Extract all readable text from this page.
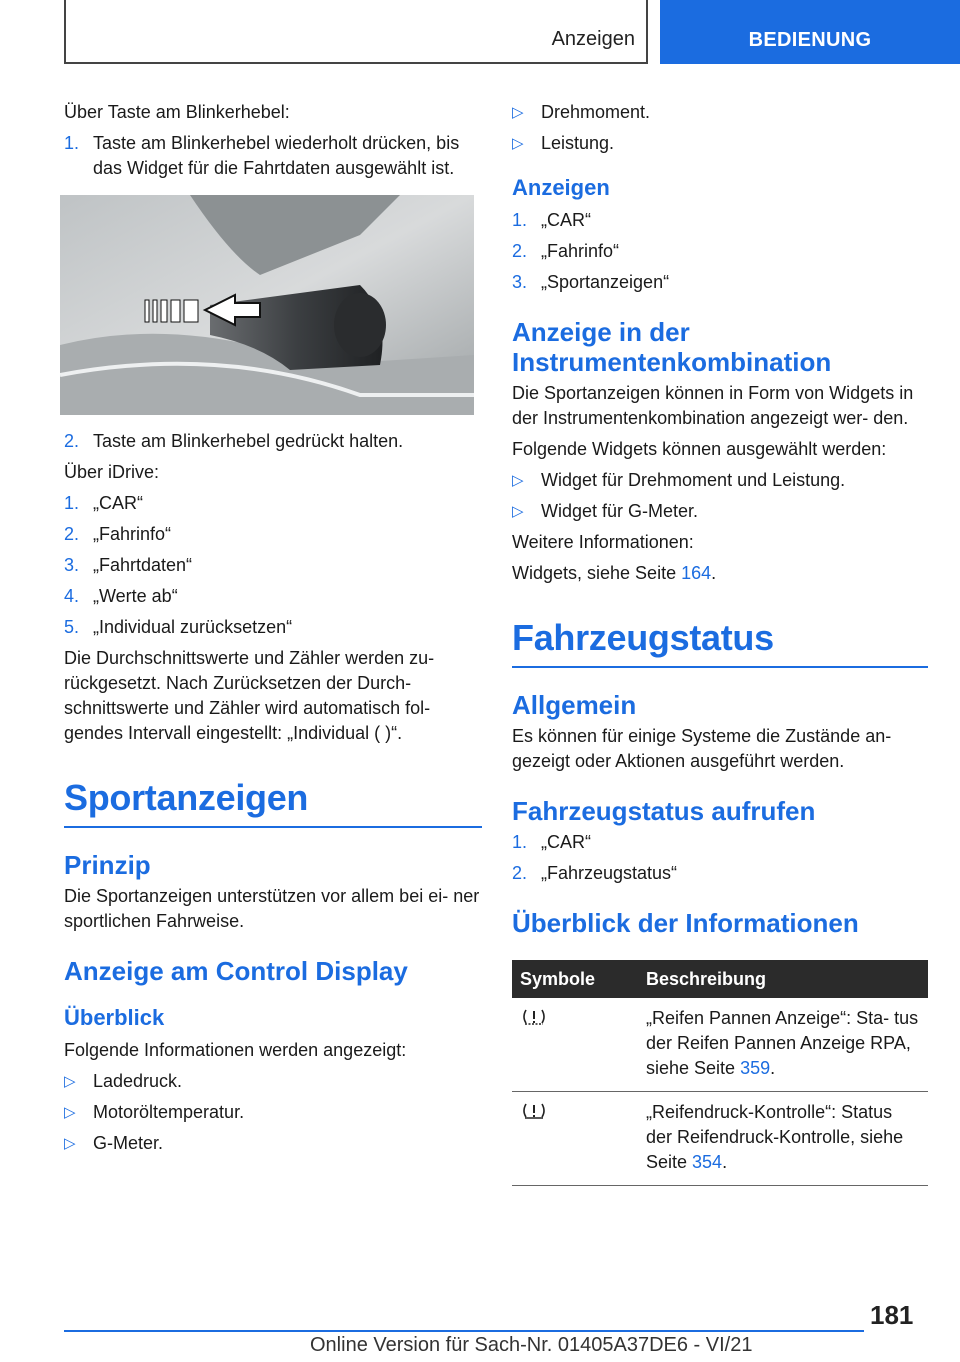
Anzeigen	BEDIENUNG

Über Taste am Blinkerhebel:

1. Taste am Blinkerhebel wiederholt drücken, bis das Widget für die Fahrtdaten ausgewählt ist.
2. Taste am Blinkerhebel gedrückt halten.

Über iDrive:

1. „CAR“
2. „Fahrinfo“
3. „Fahrtdaten“
4. „Werte ab“
5. „Individual zurücksetzen“

Die Durchschnittswerte und Zähler werden zu- rückgesetzt. Nach Zurücksetzen der Durch- schnittswerte und Zähler wird automatisch fol- gendes Intervall eingestellt: „Individual ( )“.

Sportanzeigen
Prinzip

Die Sportanzeigen unterstützen vor allem bei ei- ner sportlichen Fahrweise.

Anzeige am Control Display
Überblick

Folgende Informationen werden angezeigt:

▷ Ladedruck.
▷ Motoröltemperatur.
▷ G-Meter.
▷ Drehmoment.
▷ Leistung.
Anzeigen
1. „CAR“
2. „Fahrinfo“
3. „Sportanzeigen“
Anzeige in der Instrumentenkombination

Die Sportanzeigen können in Form von Widgets in der Instrumentenkombination angezeigt wer- den.

Folgende Widgets können ausgewählt werden:

▷ Widget für Drehmoment und Leistung.
▷ Widget für G-Meter.

Weitere Informationen:

Widgets, siehe Seite 164.

Fahrzeugstatus
Allgemein

Es können für einige Systeme die Zustände an- gezeigt oder Aktionen ausgeführt werden.

Fahrzeugstatus aufrufen
1. „CAR“
2. „Fahrzeugstatus“
Überblick der Informationen
Symbole	Beschreibung
	„Reifen Pannen Anzeige“: Sta- tus der Reifen Pannen Anzeige RPA, siehe Seite 359.
	„Reifendruck-Kontrolle“: Status der Reifendruck-Kontrolle, siehe Seite 354.
181
Online Version für Sach-Nr. 01405A37DE6 - VI/21
